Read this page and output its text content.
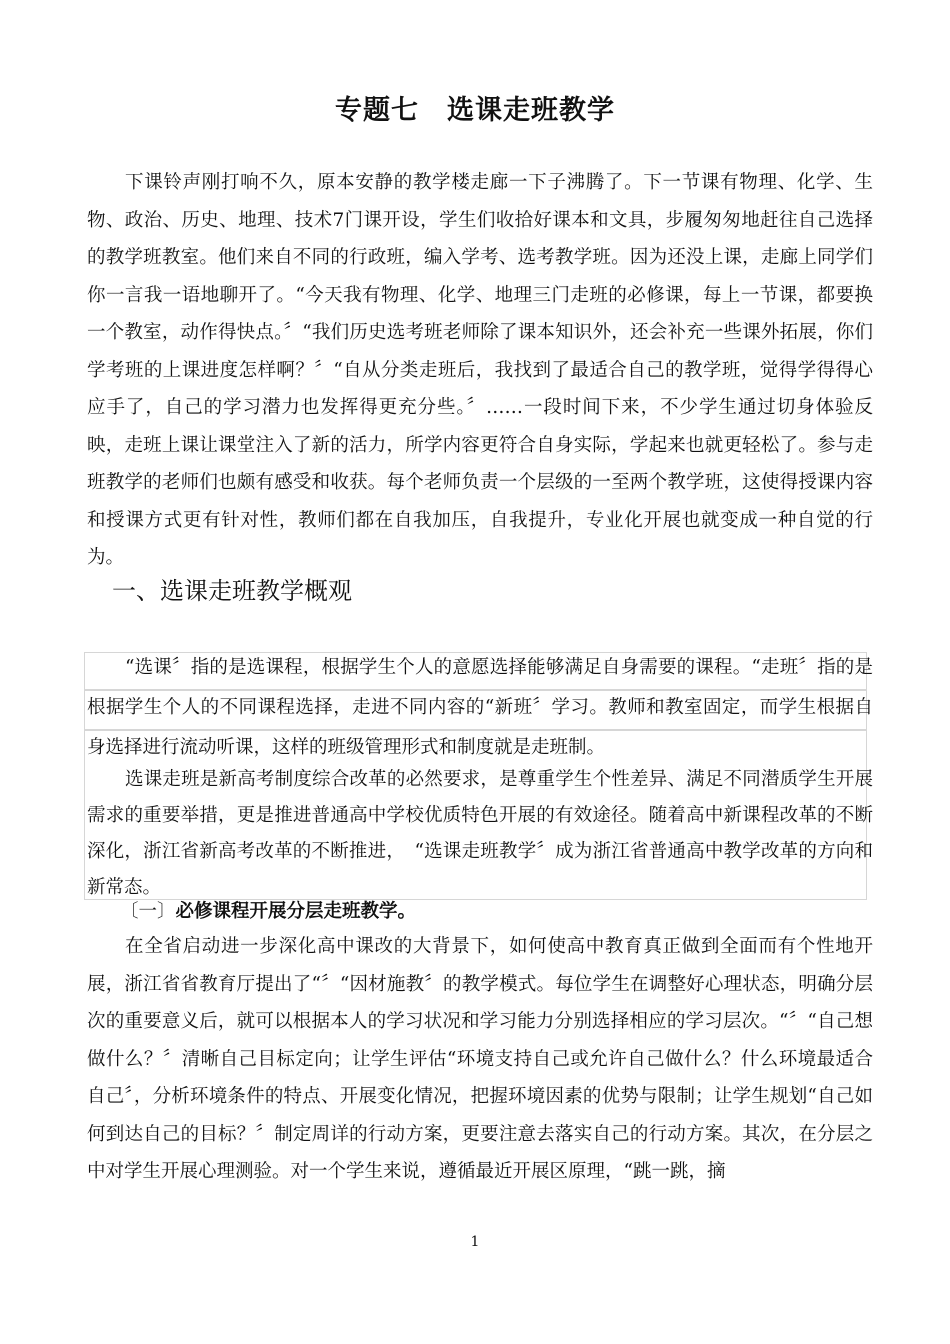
专题七　选课走班教学
下课铃声刚打响不久，原本安静的教学楼走廊一下子沸腾了。下一节课有物理、化学、生物、政治、历史、地理、技术7门课开设，学生们收拾好课本和文具，步履匆匆地赶往自己选择的教学班教室。他们来自不同的行政班，编入学考、选考教学班。因为还没上课，走廊上同学们你一言我一语地聊开了。“今天我有物理、化学、地理三门走班的必修课，每上一节课，都要换一个教室，动作得快点。〞“我们历史选考班老师除了课本知识外，还会补充一些课外拓展，你们学考班的上课进度怎样啊？〞“自从分类走班后，我找到了最适合自己的教学班，觉得学得得心应手了，自己的学习潜力也发挥得更充分些。〞……一段时间下来，不少学生通过切身体验反映，走班上课让课堂注入了新的活力，所学内容更符合自身实际，学起来也就更轻松了。参与走班教学的老师们也颇有感受和收获。每个老师负责一个层级的一至两个教学班，这使得授课内容和授课方式更有针对性，教师们都在自我加压，自我提升，专业化开展也就变成一种自觉的行为。
一、选课走班教学概观
“选课〞指的是选课程，根据学生个人的意愿选择能够满足自身需要的课程。“走班〞指的是根据学生个人的不同课程选择，走进不同内容的“新班〞学习。教师和教室固定，而学生根据自身选择进行流动听课，这样的班级管理形式和制度就是走班制。
选课走班是新高考制度综合改革的必然要求，是尊重学生个性差异、满足不同潜质学生开展需求的重要举措，更是推进普通高中学校优质特色开展的有效途径。随着高中新课程改革的不断深化，浙江省新高考改革的不断推进，　“选课走班教学〞成为浙江省普通高中教学改革的方向和新常态。
〔一〕必修课程开展分层走班教学。
在全省启动进一步深化高中课改的大背景下，如何使高中教育真正做到全面而有个性地开展，浙江省省教育厅提出了“〞“因材施教〞的教学模式。每位学生在调整好心理状态，明确分层次的重要意义后，就可以根据本人的学习状况和学习能力分别选择相应的学习层次。“〞“自己想做什么？〞清晰自己目标定向；让学生评估“环境支持自己或允许自己做什么？什么环境最适合自己〞，分析环境条件的特点、开展变化情况，把握环境因素的优势与限制；让学生规划“自己如何到达自己的目标？〞制定周详的行动方案，更要注意去落实自己的行动方案。其次，在分层之中对学生开展心理测验。对一个学生来说，遵循最近开展区原理，“跳一跳，摘
1
